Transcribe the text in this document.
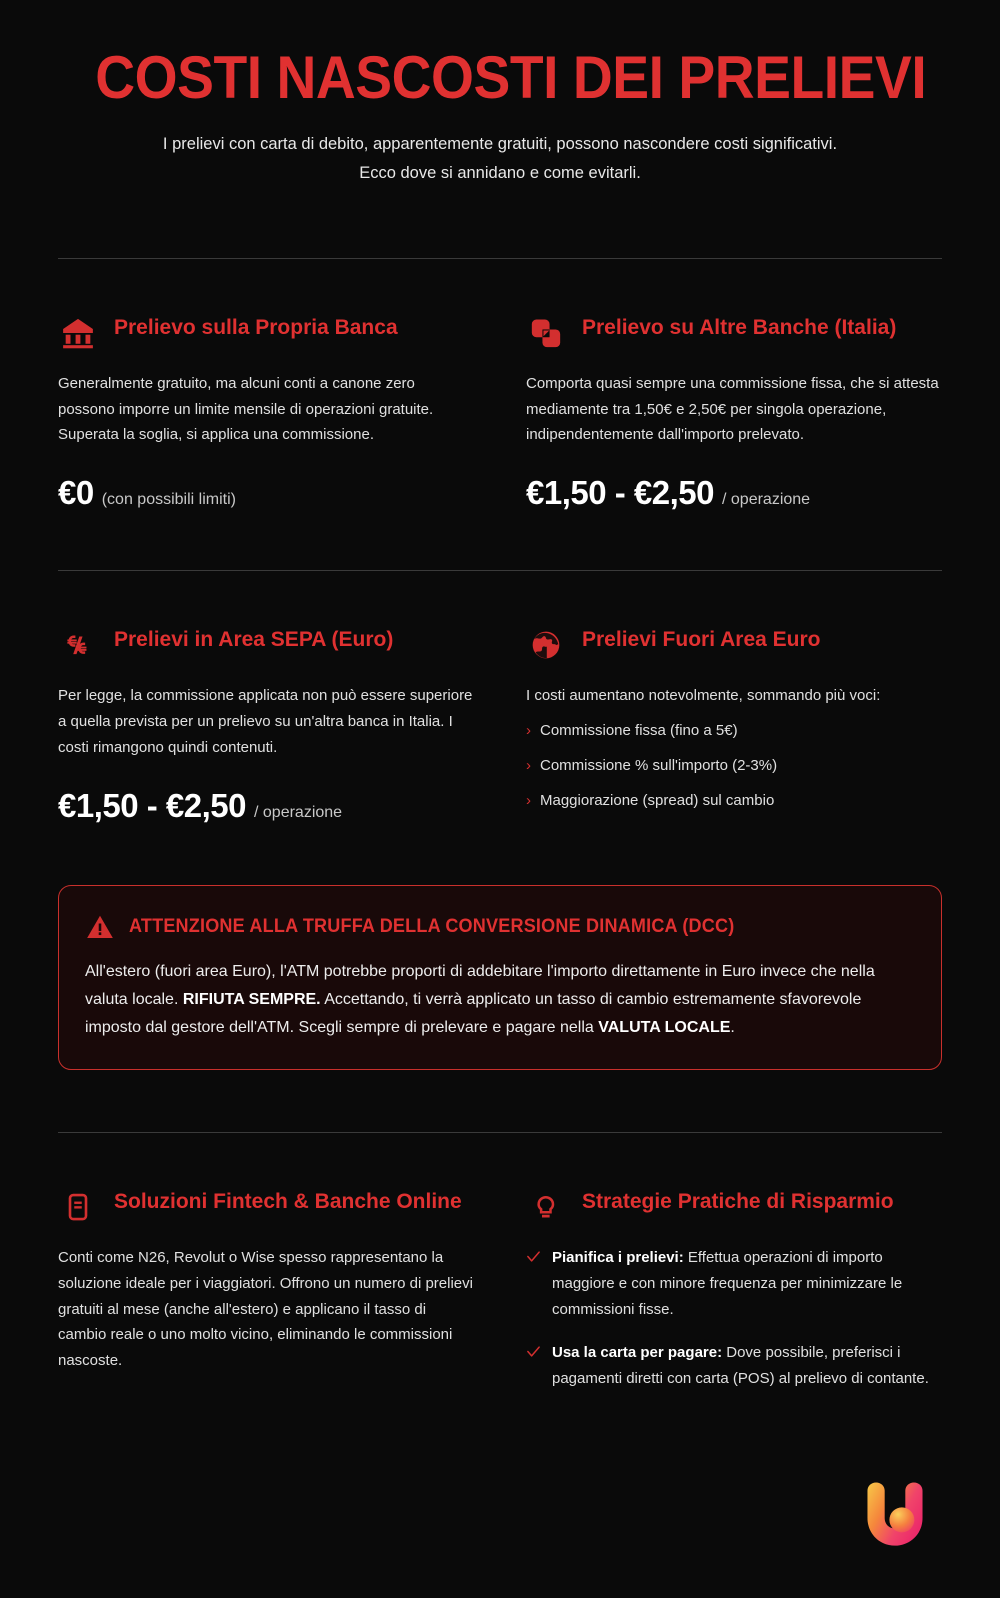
COSTI NASCOSTI DEI PRELIEVI
I prelievi con carta di debito, apparentemente gratuiti, possono nascondere costi significativi. Ecco dove si annidano e come evitarli.
Prelievo sulla Propria Banca
Generalmente gratuito, ma alcuni conti a canone zero possono imporre un limite mensile di operazioni gratuite. Superata la soglia, si applica una commissione.
€0 (con possibili limiti)
Prelievo su Altre Banche (Italia)
Comporta quasi sempre una commissione fissa, che si attesta mediamente tra 1,50€ e 2,50€ per singola operazione, indipendentemente dall'importo prelevato.
€1,50 - €2,50 / operazione
Prelievi in Area SEPA (Euro)
Per legge, la commissione applicata non può essere superiore a quella prevista per un prelievo su un'altra banca in Italia. I costi rimangono quindi contenuti.
€1,50 - €2,50 / operazione
Prelievi Fuori Area Euro
I costi aumentano notevolmente, sommando più voci:
› Commissione fissa (fino a 5€)
› Commissione % sull'importo (2-3%)
› Maggiorazione (spread) sul cambio
ATTENZIONE ALLA TRUFFA DELLA CONVERSIONE DINAMICA (DCC)
All'estero (fuori area Euro), l'ATM potrebbe proporti di addebitare l'importo direttamente in Euro invece che nella valuta locale. RIFIUTA SEMPRE. Accettando, ti verrà applicato un tasso di cambio estremamente sfavorevole imposto dal gestore dell'ATM. Scegli sempre di prelevare e pagare nella VALUTA LOCALE.
Soluzioni Fintech & Banche Online
Conti come N26, Revolut o Wise spesso rappresentano la soluzione ideale per i viaggiatori. Offrono un numero di prelievi gratuiti al mese (anche all'estero) e applicano il tasso di cambio reale o uno molto vicino, eliminando le commissioni nascoste.
Strategie Pratiche di Risparmio
Pianifica i prelievi: Effettua operazioni di importo maggiore e con minore frequenza per minimizzare le commissioni fisse.
Usa la carta per pagare: Dove possibile, preferisci i pagamenti diretti con carta (POS) al prelievo di contante.
